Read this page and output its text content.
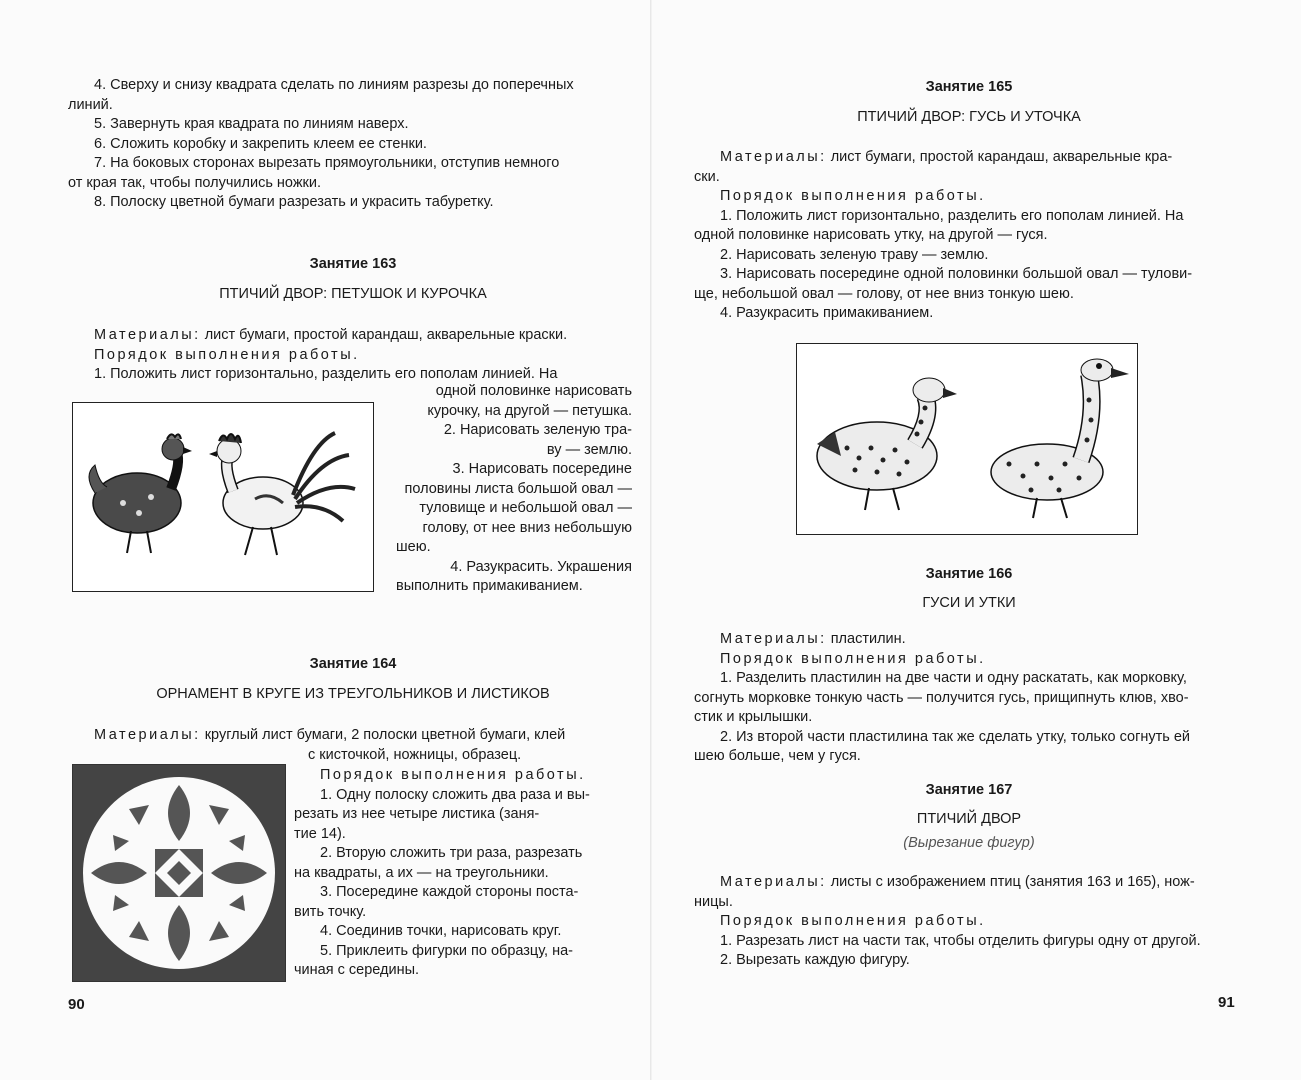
4. Сверху и снизу квадрата сделать по линиям разрезы до поперечных

линий.

5. Завернуть края квадрата по линиям наверх.

6. Сложить коробку и закрепить клеем ее стенки.

7. На боковых сторонах вырезать прямоугольники, отступив немного

от края так, чтобы получились ножки.

8. Полоску цветной бумаги разрезать и украсить табуретку.

Занятие 163

ПТИЧИЙ ДВОР: ПЕТУШОК И КУРОЧКА

Материалы: лист бумаги, простой карандаш, акварельные краски.

Порядок выполнения работы.

1. Положить лист горизонтально, разделить его пополам линией. На

одной половинке нарисовать

курочку, на другой — петушка.

2. Нарисовать зеленую тра-

ву — землю.

3. Нарисовать посередине

половины листа большой овал —

туловище и небольшой овал —

голову, от нее вниз небольшую

шею.

4. Разукрасить. Украшения

выполнить примакиванием.

Занятие 164

ОРНАМЕНТ В КРУГЕ ИЗ ТРЕУГОЛЬНИКОВ И ЛИСТИКОВ

Материалы: круглый лист бумаги, 2 полоски цветной бумаги, клей

с кисточкой, ножницы, образец.

Порядок выполнения работы.

1. Одну полоску сложить два раза и вы-

резать из нее четыре листика (заня-

тие 14).

2. Вторую сложить три раза, разрезать

на квадраты, а их — на треугольники.

3. Посередине каждой стороны поста-

вить точку.

4. Соединив точки, нарисовать круг.

5. Приклеить фигурки по образцу, на-

чиная с середины.

90

Занятие 165

ПТИЧИЙ ДВОР: ГУСЬ И УТОЧКА

Материалы: лист бумаги, простой карандаш, акварельные кра-

ски.

Порядок выполнения работы.

1. Положить лист горизонтально, разделить его пополам линией. На

одной половинке нарисовать утку, на другой — гуся.

2. Нарисовать зеленую траву — землю.

3. Нарисовать посередине одной половинки большой овал — тулови-

ще, небольшой овал — голову, от нее вниз тонкую шею.

4. Разукрасить примакиванием.

Занятие 166

ГУСИ И УТКИ

Материалы: пластилин.

Порядок выполнения работы.

1. Разделить пластилин на две части и одну раскатать, как морковку,

согнуть морковке тонкую часть — получится гусь, прищипнуть клюв, хво-

стик и крылышки.

2. Из второй части пластилина так же сделать утку, только согнуть ей

шею больше, чем у гуся.

Занятие 167

ПТИЧИЙ ДВОР

(Вырезание фигур)

Материалы: листы с изображением птиц (занятия 163 и 165), нож-

ницы.

Порядок выполнения работы.

1. Разрезать лист на части так, чтобы отделить фигуры одну от другой.

2. Вырезать каждую фигуру.

91
